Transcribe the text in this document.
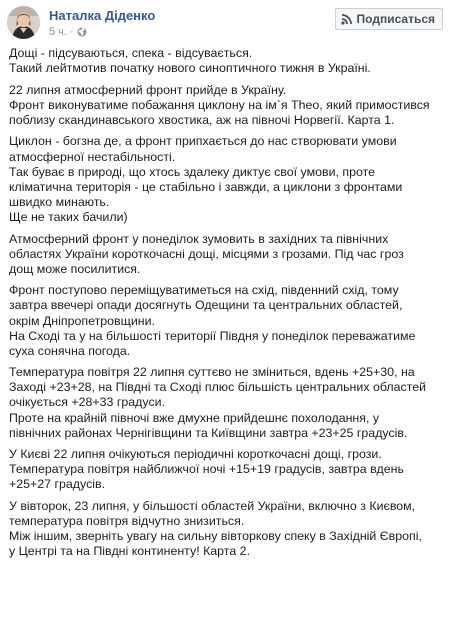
Наталка Діденко
5 ч. ·
Подписаться
Дощі - підсуваються, спека - відсувається.
Такий лейтмотив початку нового синоптичного тижня в Україні.
22 липня атмосферний фронт прийде в Україну.
Фронт виконуватиме побажання циклону на ім`я Theo, який примостився
поблизу скандинавського хвостика, аж на півночі Норвегії. Карта 1.
Циклон - богзна де, а фронт припхається до нас створювати умови
атмосферної нестабільності.
Так буває в природі, що хтось здалеку диктує свої умови, проте
кліматична територія - це стабільно і завжди, а циклони з фронтами
швидко минають.
Ще не таких бачили)
Атмосферний фронт у понеділок зумовить в західних та північних
областях України короткочасні дощі, місцями з грозами. Під час гроз
дощ може посилитися.
Фронт поступово переміщуватиметься на схід, південний схід, тому
завтра ввечері опади досягнуть Одещини та центральних областей,
окрім Дніпропетровщини.
На Сході та у на більшості території Півдня у понеділок переважатиме
суха сонячна погода.
Температура повітря 22 липня суттєво не зміниться, вдень +25+30, на
Заході +23+28, на Півдні та Сході плюс більшість центральних областей
очікується +28+33 градуси.
Проте на крайній півночі вже дмухне прийдешнє похолодання, у
північних районах Чернігівщини та Київщини завтра +23+25 градусів.
У Києві 22 липня очікуються періодичні короткочасні дощі, грози.
Температура повітря найближчої ночі +15+19 градусів, завтра вдень
+25+27 градусів.
У вівторок, 23 липня, у більшості областей України, включно з Києвом,
температура повітря відчутно знизиться.
Між іншим, зверніть увагу на сильну вівторкову спеку в Західній Європі,
у Центрі та на Півдні континенту! Карта 2.
